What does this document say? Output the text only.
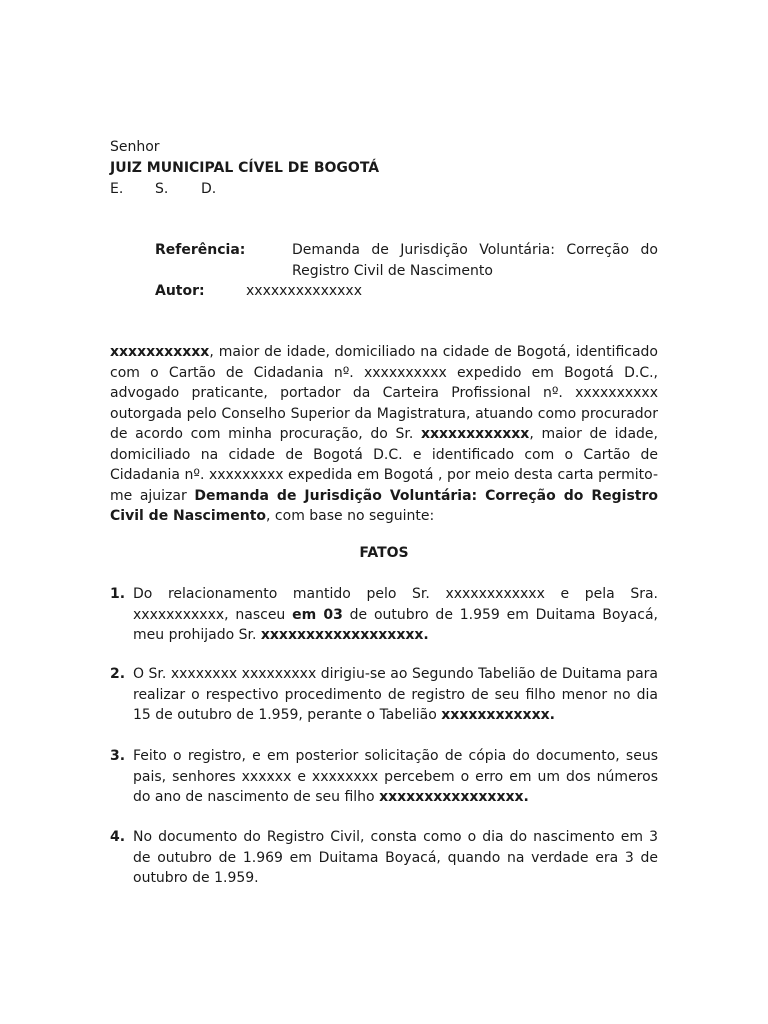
Senhor
JUIZ MUNICIPAL CÍVEL DE BOGOTÁ
E. S. D.
Referência:	Demanda de Jurisdição Voluntária: Correção do Registro Civil de Nascimento
Autor:	xxxxxxxxxxxxxx
xxxxxxxxxxx, maior de idade, domiciliado na cidade de Bogotá, identificado com o Cartão de Cidadania nº. xxxxxxxxxx expedido em Bogotá D.C., advogado praticante, portador da Carteira Profissional nº. xxxxxxxxxx outorgada pelo Conselho Superior da Magistratura, atuando como procurador de acordo com minha procuração, do Sr. xxxxxxxxxxxx, maior de idade, domiciliado na cidade de Bogotá D.C. e identificado com o Cartão de Cidadania nº. xxxxxxxxx expedida em Bogotá , por meio desta carta permito-me ajuizar Demanda de Jurisdição Voluntária: Correção do Registro Civil de Nascimento, com base no seguinte:
FATOS
1. Do relacionamento mantido pelo Sr. xxxxxxxxxxxx e pela Sra. xxxxxxxxxxx, nasceu em 03 de outubro de 1.959 em Duitama Boyacá, meu prohijado Sr. xxxxxxxxxxxxxxxxxx.
2. O Sr. xxxxxxxx xxxxxxxxx dirigiu-se ao Segundo Tabelião de Duitama para realizar o respectivo procedimento de registro de seu filho menor no dia 15 de outubro de 1.959, perante o Tabelião xxxxxxxxxxxx.
3. Feito o registro, e em posterior solicitação de cópia do documento, seus pais, senhores xxxxxx e xxxxxxxx percebem o erro em um dos números do ano de nascimento de seu filho xxxxxxxxxxxxxxxx.
4. No documento do Registro Civil, consta como o dia do nascimento em 3 de outubro de 1.969 em Duitama Boyacá, quando na verdade era 3 de outubro de 1.959.
